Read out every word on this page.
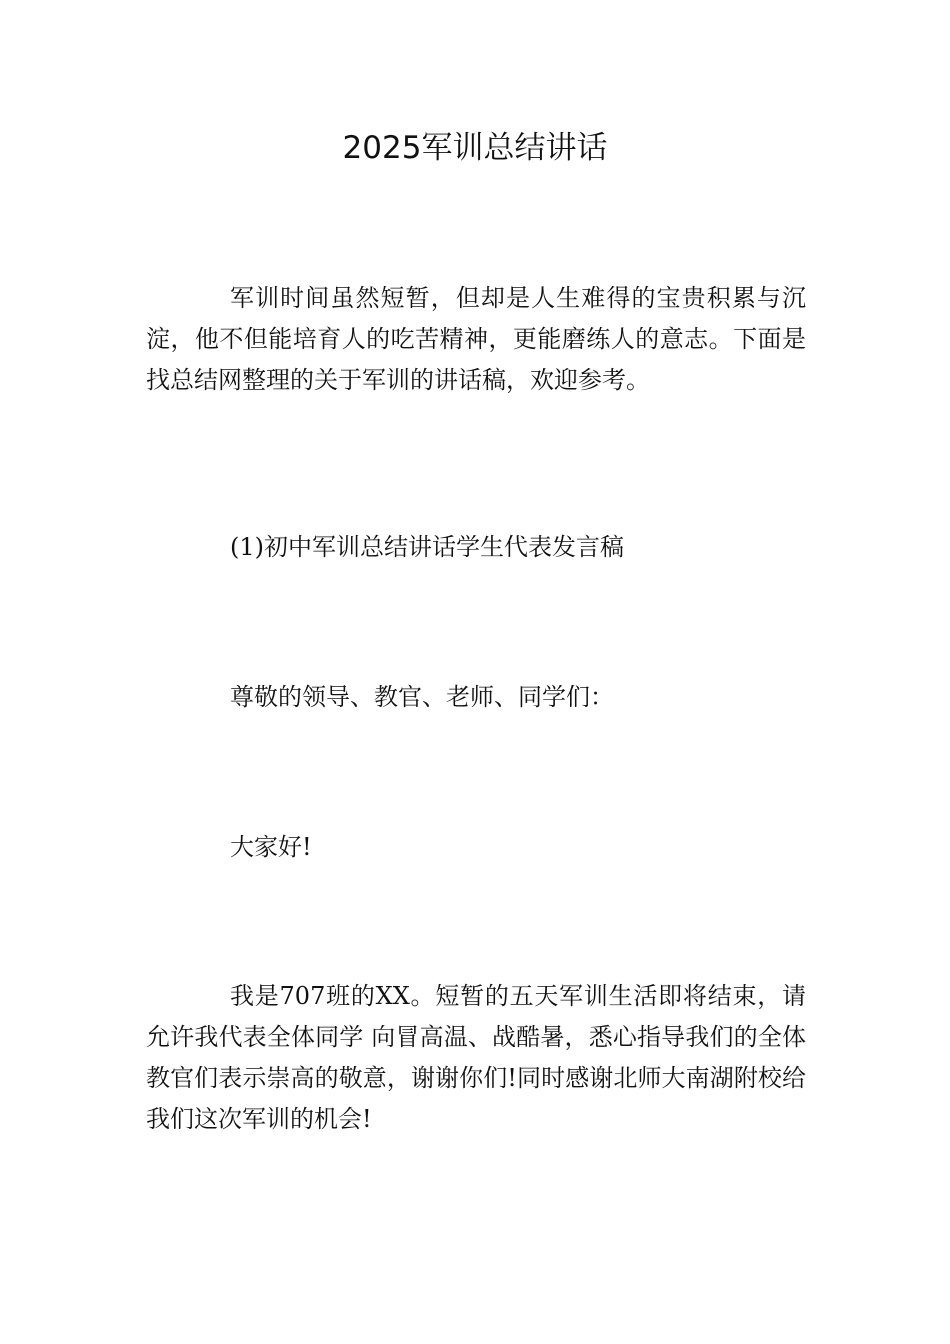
2025军训总结讲话

军训时间虽然短暂，但却是人生难得的宝贵积累与沉淀，他不但能培育人的吃苦精神，更能磨练人的意志。下面是找总结网整理的关于军训的讲话稿，欢迎参考。

(1)初中军训总结讲话学生代表发言稿

尊敬的领导、教官、老师、同学们：

大家好!

我是707班的XX。短暂的五天军训生活即将结束，请允许我代表全体同学 向冒高温、战酷暑，悉心指导我们的全体教官们表示崇高的敬意，谢谢你们!同时感谢北师大南湖附校给我们这次军训的机会!
